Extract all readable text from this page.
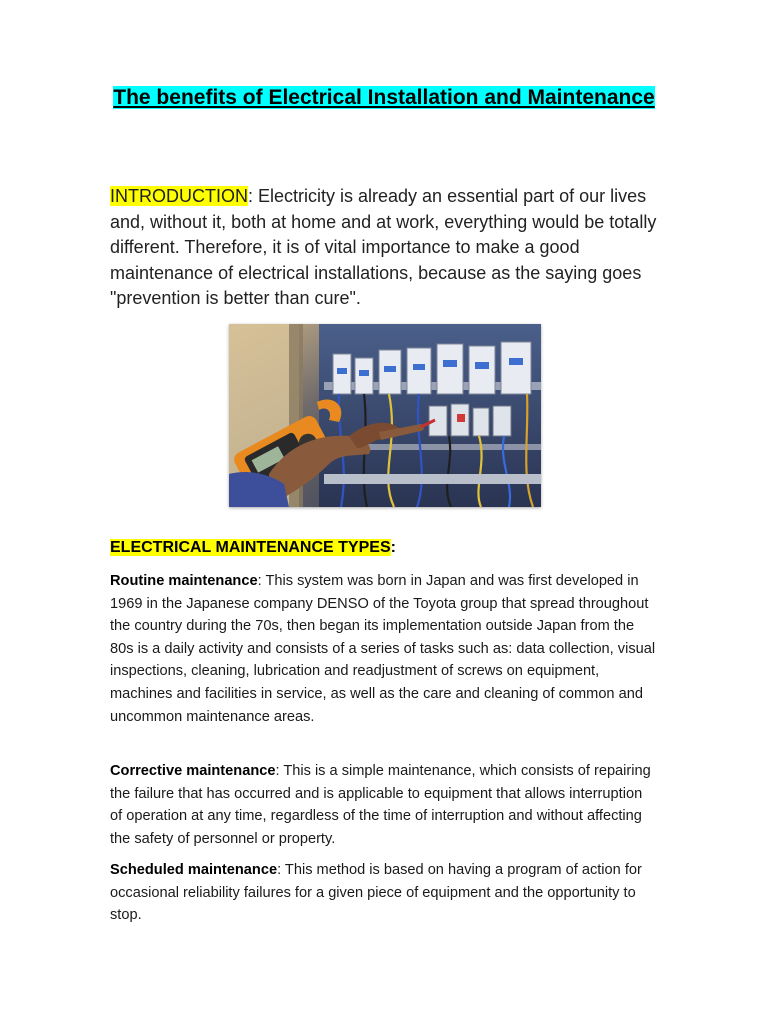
The benefits of Electrical Installation and Maintenance

INTRODUCTION: Electricity is already an essential part of our lives and, without it, both at home and at work, everything would be totally different. Therefore, it is of vital importance to make a good maintenance of electrical installations, because as the saying goes "prevention is better than cure".

ELECTRICAL MAINTENANCE TYPES:

Routine maintenance: This system was born in Japan and was first developed in 1969 in the Japanese company DENSO of the Toyota group that spread throughout the country during the 70s, then began its implementation outside Japan from the 80s is a daily activity and consists of a series of tasks such as: data collection, visual inspections, cleaning, lubrication and readjustment of screws on equipment, machines and facilities in service, as well as the care and cleaning of common and uncommon maintenance areas.

Corrective maintenance: This is a simple maintenance, which consists of repairing the failure that has occurred and is applicable to equipment that allows interruption of operation at any time, regardless of the time of interruption and without affecting the safety of personnel or property.

Scheduled maintenance: This method is based on having a program of action for occasional reliability failures for a given piece of equipment and the opportunity to stop.
